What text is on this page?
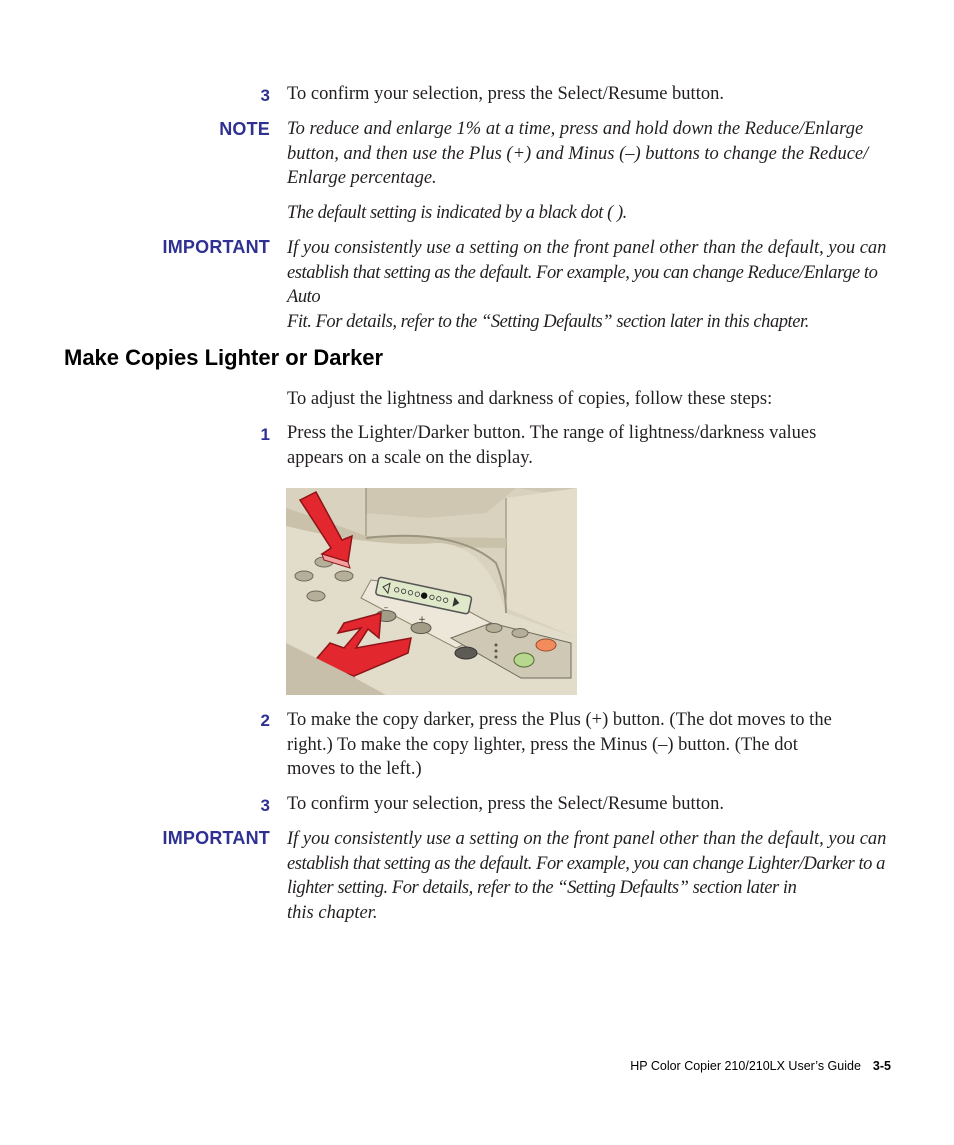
3 To confirm your selection, press the Select/Resume button.
NOTE To reduce and enlarge 1% at a time, press and hold down the Reduce/Enlarge
button, and then use the Plus (+) and Minus (–) buttons to change the Reduce/
Enlarge percentage.
The default setting is indicated by a black dot ( ).
IMPORTANT If you consistently use a setting on the front panel other than the default, you can
establish that setting as the default. For example, you can change Reduce/Enlarge to Auto
Fit. For details, refer to the “Setting Defaults” section later in this chapter.
Make Copies Lighter or Darker
To adjust the lightness and darkness of copies, follow these steps:
1 Press the Lighter/Darker button. The range of lightness/darkness values
appears on a scale on the display.
–
+
2 To make the copy darker, press the Plus (+) button. (The dot moves to the
right.) To make the copy lighter, press the Minus (–) button. (The dot
moves to the left.)
3 To confirm your selection, press the Select/Resume button.
IMPORTANT If you consistently use a setting on the front panel other than the default, you can
establish that setting as the default. For example, you can change Lighter/Darker to a
lighter setting. For details, refer to the “Setting Defaults” section later in
this chapter.
HP Color Copier 210/210LX User’s Guide 3-5
